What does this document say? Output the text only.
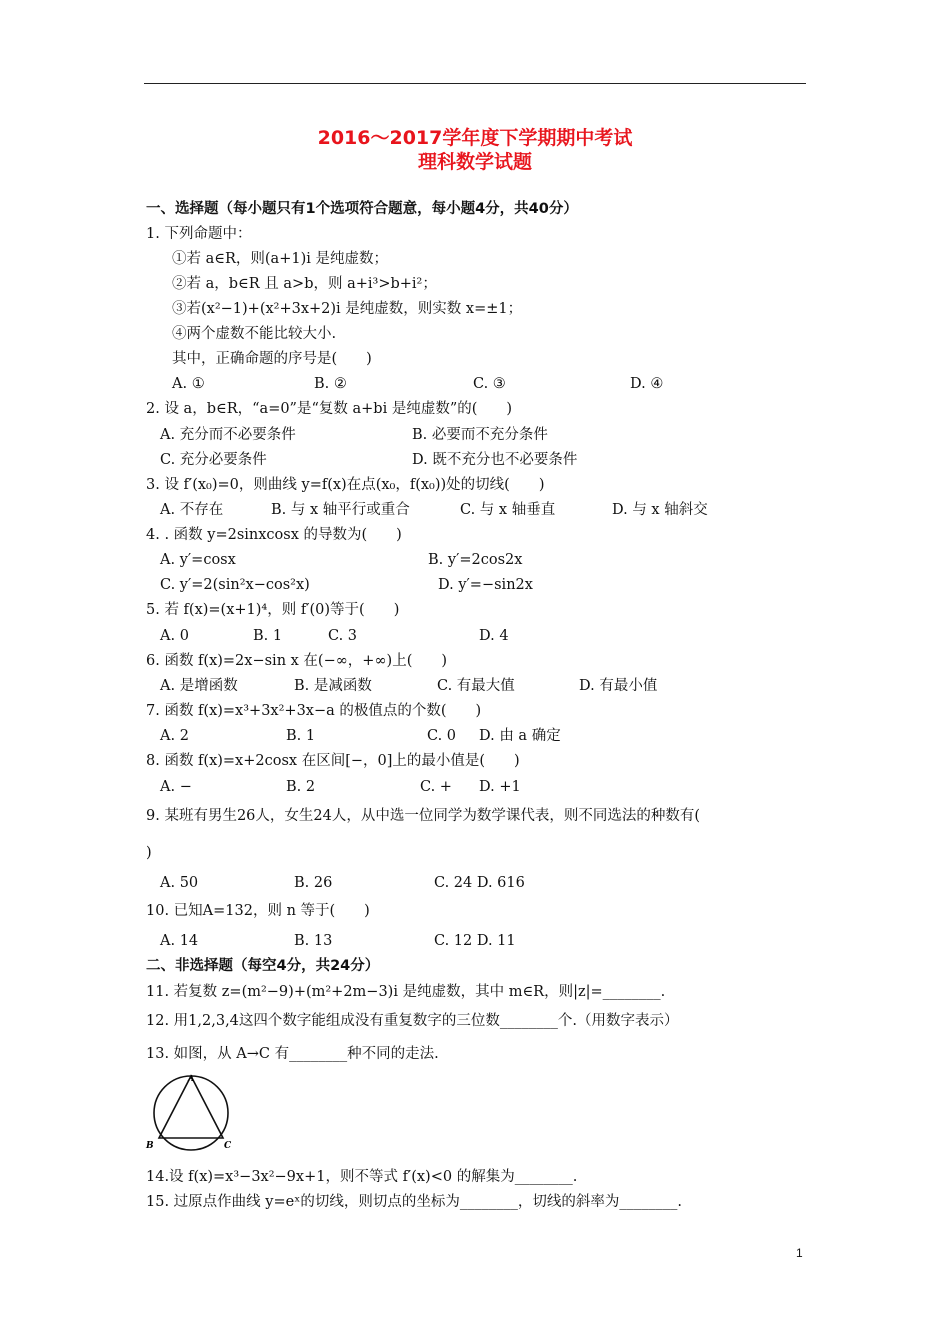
2016～2017学年度下学期期中考试
理科数学试题
一、选择题（每小题只有1个选项符合题意，每小题4分，共40分）
1. 下列命题中：
①若 a∈R，则(a+1)i 是纯虚数；
②若 a，b∈R 且 a>b，则 a+i³>b+i²；
③若(x²−1)+(x²+3x+2)i 是纯虚数，则实数 x=±1；
④两个虚数不能比较大小.
其中，正确命题的序号是(　　)
A. ①	B. ②	C. ③	D. ④
2. 设 a，b∈R，“a=0”是“复数 a+bi 是纯虚数”的(　　)
A. 充分而不必要条件	B. 必要而不充分条件
C. 充分必要条件	D. 既不充分也不必要条件
3. 设 f′(x₀)=0，则曲线 y=f(x)在点(x₀，f(x₀))处的切线(　　)
A. 不存在	B. 与 x 轴平行或重合	C. 与 x 轴垂直	D. 与 x 轴斜交
4. . 函数 y=2sinxcosx 的导数为(　　)
A. y′=cosx	B. y′=2cos2x
C. y′=2(sin²x−cos²x)	D. y′=−sin2x
5. 若 f(x)=(x+1)⁴，则 f′(0)等于(　　)
A. 0	B. 1	C. 3	D. 4
6. 函数 f(x)=2x−sin x 在(−∞，+∞)上(　　)
A. 是增函数	B. 是减函数	C. 有最大值	D. 有最小值
7. 函数 f(x)=x³+3x²+3x−a 的极值点的个数(　　)
A. 2	B. 1	C. 0 D. 由 a 确定
8. 函数 f(x)=x+2cosx 在区间[−，0]上的最小值是(　　)
A. −	B. 2	C. + D. +1
9. 某班有男生26人，女生24人，从中选一位同学为数学课代表，则不同选法的种数有(
)
A. 50	B. 26	C. 24 D. 616
10. 已知A=132，则 n 等于(　　)
A. 14	B. 13	C. 12 D. 11
二、非选择题（每空4分，共24分）
11. 若复数 z=(m²−9)+(m²+2m−3)i 是纯虚数，其中 m∈R，则|z|=________.
12. 用1,2,3,4这四个数字能组成没有重复数字的三位数________个.（用数字表示）
13. 如图，从 A→C 有________种不同的走法.
A
B	C
14.设 f(x)=x³−3x²−9x+1，则不等式 f′(x)<0 的解集为________.
15. 过原点作曲线 y=eˣ的切线，则切点的坐标为________，切线的斜率为________.
1
